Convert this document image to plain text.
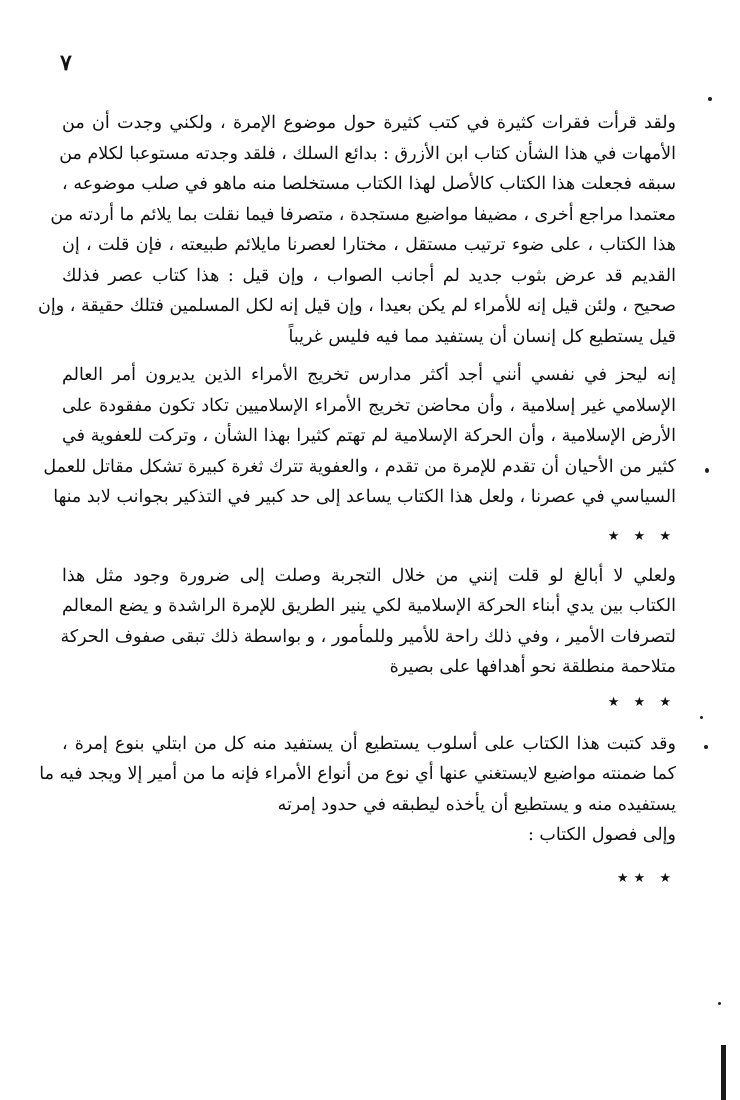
٧
ولقد قرأت فقرات كثيرة في كتب كثيرة حول موضوع الإمرة ، ولكني وجدت أن من
الأمهات في هذا الشأن كتاب ابن الأزرق : بدائع السلك ، فلقد وجدته مستوعبا لكلام من
سبقه فجعلت هذا الكتاب كالأصل لهذا الكتاب مستخلصا منه ماهو في صلب موضوعه ،
معتمدا مراجع أخرى ، مضيفا مواضيع مستجدة ، متصرفا فيما نقلت بما يلائم ما أردته من
هذا الكتاب ، على ضوء ترتيب مستقل ، مختارا لعصرنا مايلائم طبيعته ، فإن قلت ، إن
القديم قد عرض بثوب جديد لم أجانب الصواب ، وإن قيل : هذا كتاب عصر فذلك
صحيح ، ولئن قيل إنه للأمراء لم يكن بعيدا ، وإن قيل إنه لكل المسلمين فتلك حقيقة ، وإن
قيل يستطيع كل إنسان أن يستفيد مما فيه فليس غريباً
إنه ليحز في نفسي أنني أجد أكثر مدارس تخريج الأمراء الذين يديرون أمر العالم
الإسلامي غير إسلامية ، وأن محاضن تخريج الأمراء الإسلاميين تكاد تكون مفقودة على
الأرض الإسلامية ، وأن الحركة الإسلامية لم تهتم كثيرا بهذا الشأن ، وتركت للعفوية في
كثير من الأحيان أن تقدم للإمرة من تقدم ، والعفوية تترك ثغرة كبيرة تشكل مقاتل للعمل
السياسي في عصرنا ، ولعل هذا الكتاب يساعد إلى حد كبير في التذكير بجوانب لابد منها
★ ★ ★
ولعلي لا أبالغ لو قلت إنني من خلال التجربة وصلت إلى ضرورة وجود مثل هذا
الكتاب بين يدي أبناء الحركة الإسلامية لكي ينير الطريق للإمرة الراشدة و يضع المعالم
لتصرفات الأمير ، وفي ذلك راحة للأمير وللمأمور ، و بواسطة ذلك تبقى صفوف الحركة
متلاحمة منطلقة نحو أهدافها على بصيرة
★ ★ ★
وقد كتبت هذا الكتاب على أسلوب يستطيع أن يستفيد منه كل من ابتلي بنوع إمرة ،
كما ضمنته مواضيع لايستغني عنها أي نوع من أنواع الأمراء فإنه ما من أمير إلا ويجد فيه ما
يستفيده منه و يستطيع أن يأخذه ليطبقه في حدود إمرته
وإلى فصول الكتاب :
★★ ★
